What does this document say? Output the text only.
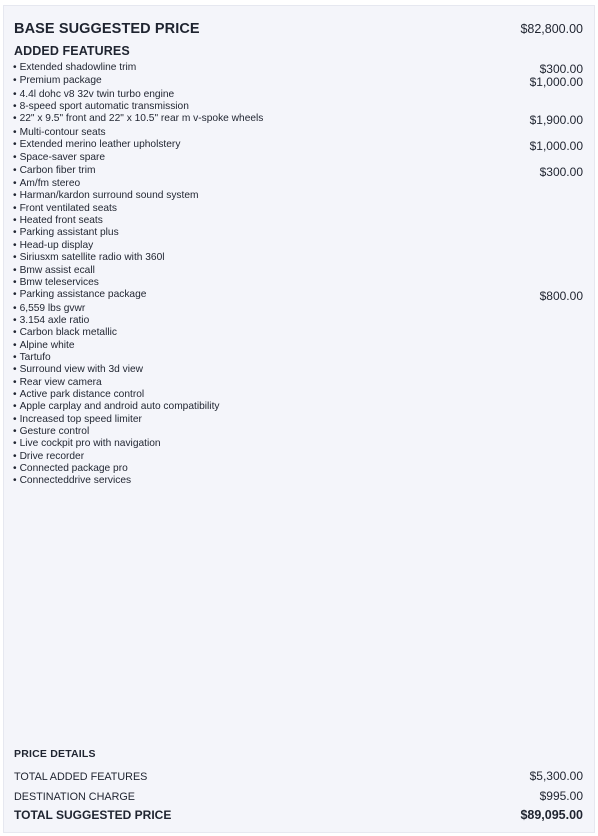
BASE SUGGESTED PRICE	$82,800.00
ADDED FEATURES
• Extended shadowline trim	$300.00
• Premium package	$1,000.00
• 4.4l dohc v8 32v twin turbo engine
• 8-speed sport automatic transmission
• 22" x 9.5" front and 22" x 10.5" rear m v-spoke wheels	$1,900.00
• Multi-contour seats
• Extended merino leather upholstery	$1,000.00
• Space-saver spare
• Carbon fiber trim	$300.00
• Am/fm stereo
• Harman/kardon surround sound system
• Front ventilated seats
• Heated front seats
• Parking assistant plus
• Head-up display
• Siriusxm satellite radio with 360l
• Bmw assist ecall
• Bmw teleservices
• Parking assistance package	$800.00
• 6,559 lbs gvwr
• 3.154 axle ratio
• Carbon black metallic
• Alpine white
• Tartufo
• Surround view with 3d view
• Rear view camera
• Active park distance control
• Apple carplay and android auto compatibility
• Increased top speed limiter
• Gesture control
• Live cockpit pro with navigation
• Drive recorder
• Connected package pro
• Connecteddrive services
PRICE DETAILS
TOTAL ADDED FEATURES	$5,300.00
DESTINATION CHARGE	$995.00
TOTAL SUGGESTED PRICE	$89,095.00
